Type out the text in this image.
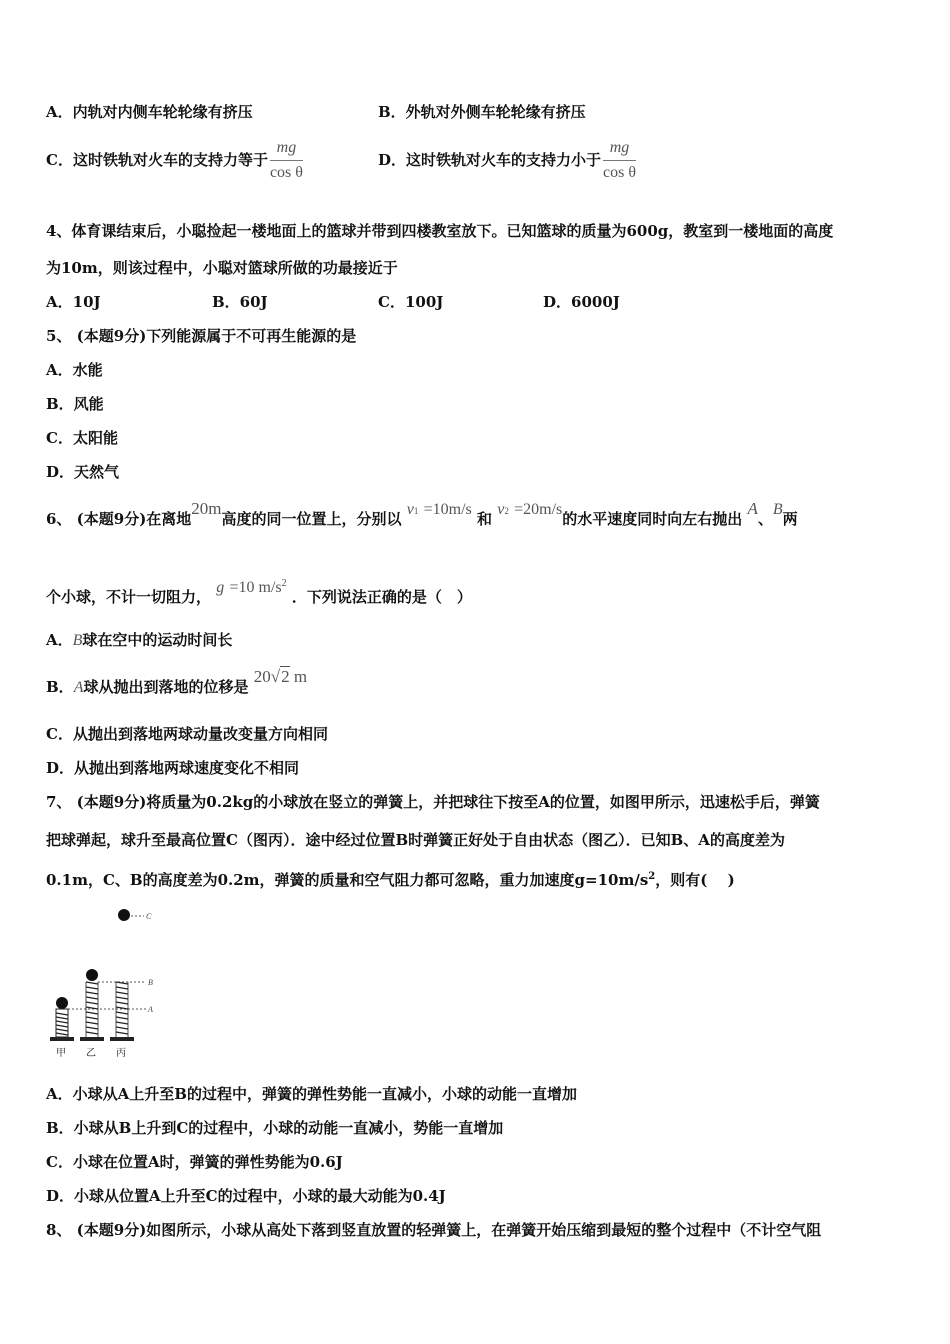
A．内轨对内侧车轮轮缘有挤压	B．外轨对外侧车轮轮缘有挤压
C．这时铁轨对火车的支持力等于 $\frac{mg}{\text{cos θ}}$	D．这时铁轨对火车的支持力小于 $\frac{mg}{\text{cos θ}}$
4、体育课结束后，小聪捡起一楼地面上的篮球并带到四楼教室放下。已知篮球的质量为600g，教室到一楼地面的高度
为10m，则该过程中，小聪对篮球所做的功最接近于
A．10J	B．60J	C．100J	D．6000J
5、 (本题9分)下列能源属于不可再生能源的是
A．水能
B．风能
C．太阳能
D．天然气
6、 (本题9分)在离地20m高度的同一位置上，分别以 v1 =10m/s 和 v2 =20m/s的水平速度同时向左右抛出 A、B两
个小球，不计一切阻力， g =10 $m/s^2$ ．下列说法正确的是（　）
A．B球在空中的运动时间长
B．A球从抛出到落地的位移是 20√2 m
C．从抛出到落地两球动量改变量方向相同
D．从抛出到落地两球速度变化不相同
7、 (本题9分)将质量为0.2kg的小球放在竖立的弹簧上，并把球往下按至A的位置，如图甲所示，迅速松手后，弹簧
把球弹起，球升至最高位置C（图丙）．途中经过位置B时弹簧正好处于自由状态（图乙）．已知B、A的高度差为
0.1m，C、B的高度差为0.2m，弹簧的质量和空气阻力都可忽略，重力加速度$g=10m/s^2$，则有(　 )
C
B
A
甲 乙 丙
A．小球从A上升至B的过程中，弹簧的弹性势能一直减小，小球的动能一直增加
B．小球从B上升到C的过程中，小球的动能一直减小，势能一直增加
C．小球在位置A时，弹簧的弹性势能为0.6J
D．小球从位置A上升至C的过程中，小球的最大动能为0.4J
8、 (本题9分)如图所示，小球从高处下落到竖直放置的轻弹簧上，在弹簧开始压缩到最短的整个过程中（不计空气阻
